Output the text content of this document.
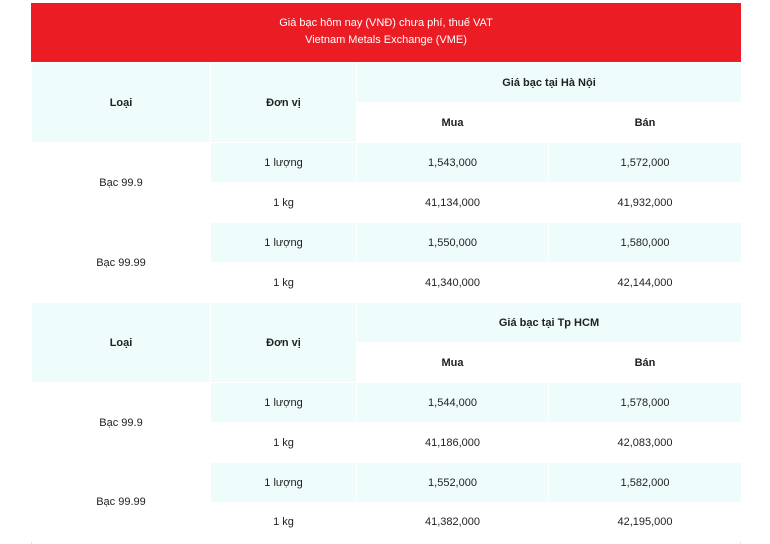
Giá bạc hôm nay (VNĐ) chưa phí, thuế VAT
Vietnam Metals Exchange (VME)
Loại	Đơn vị	Giá bạc tại Hà Nội	
		Mua	Bán
Bạc 99.9	1 lượng	1,543,000	1,572,000
	1 kg	41,134,000	41,932,000
Bạc 99.99	1 lượng	1,550,000	1,580,000
	1 kg	41,340,000	42,144,000
Loại	Đơn vị	Giá bạc tại Tp HCM	
		Mua	Bán
Bạc 99.9	1 lượng	1,544,000	1,578,000
	1 kg	41,186,000	42,083,000
Bạc 99.99	1 lượng	1,552,000	1,582,000
	1 kg	41,382,000	42,195,000
